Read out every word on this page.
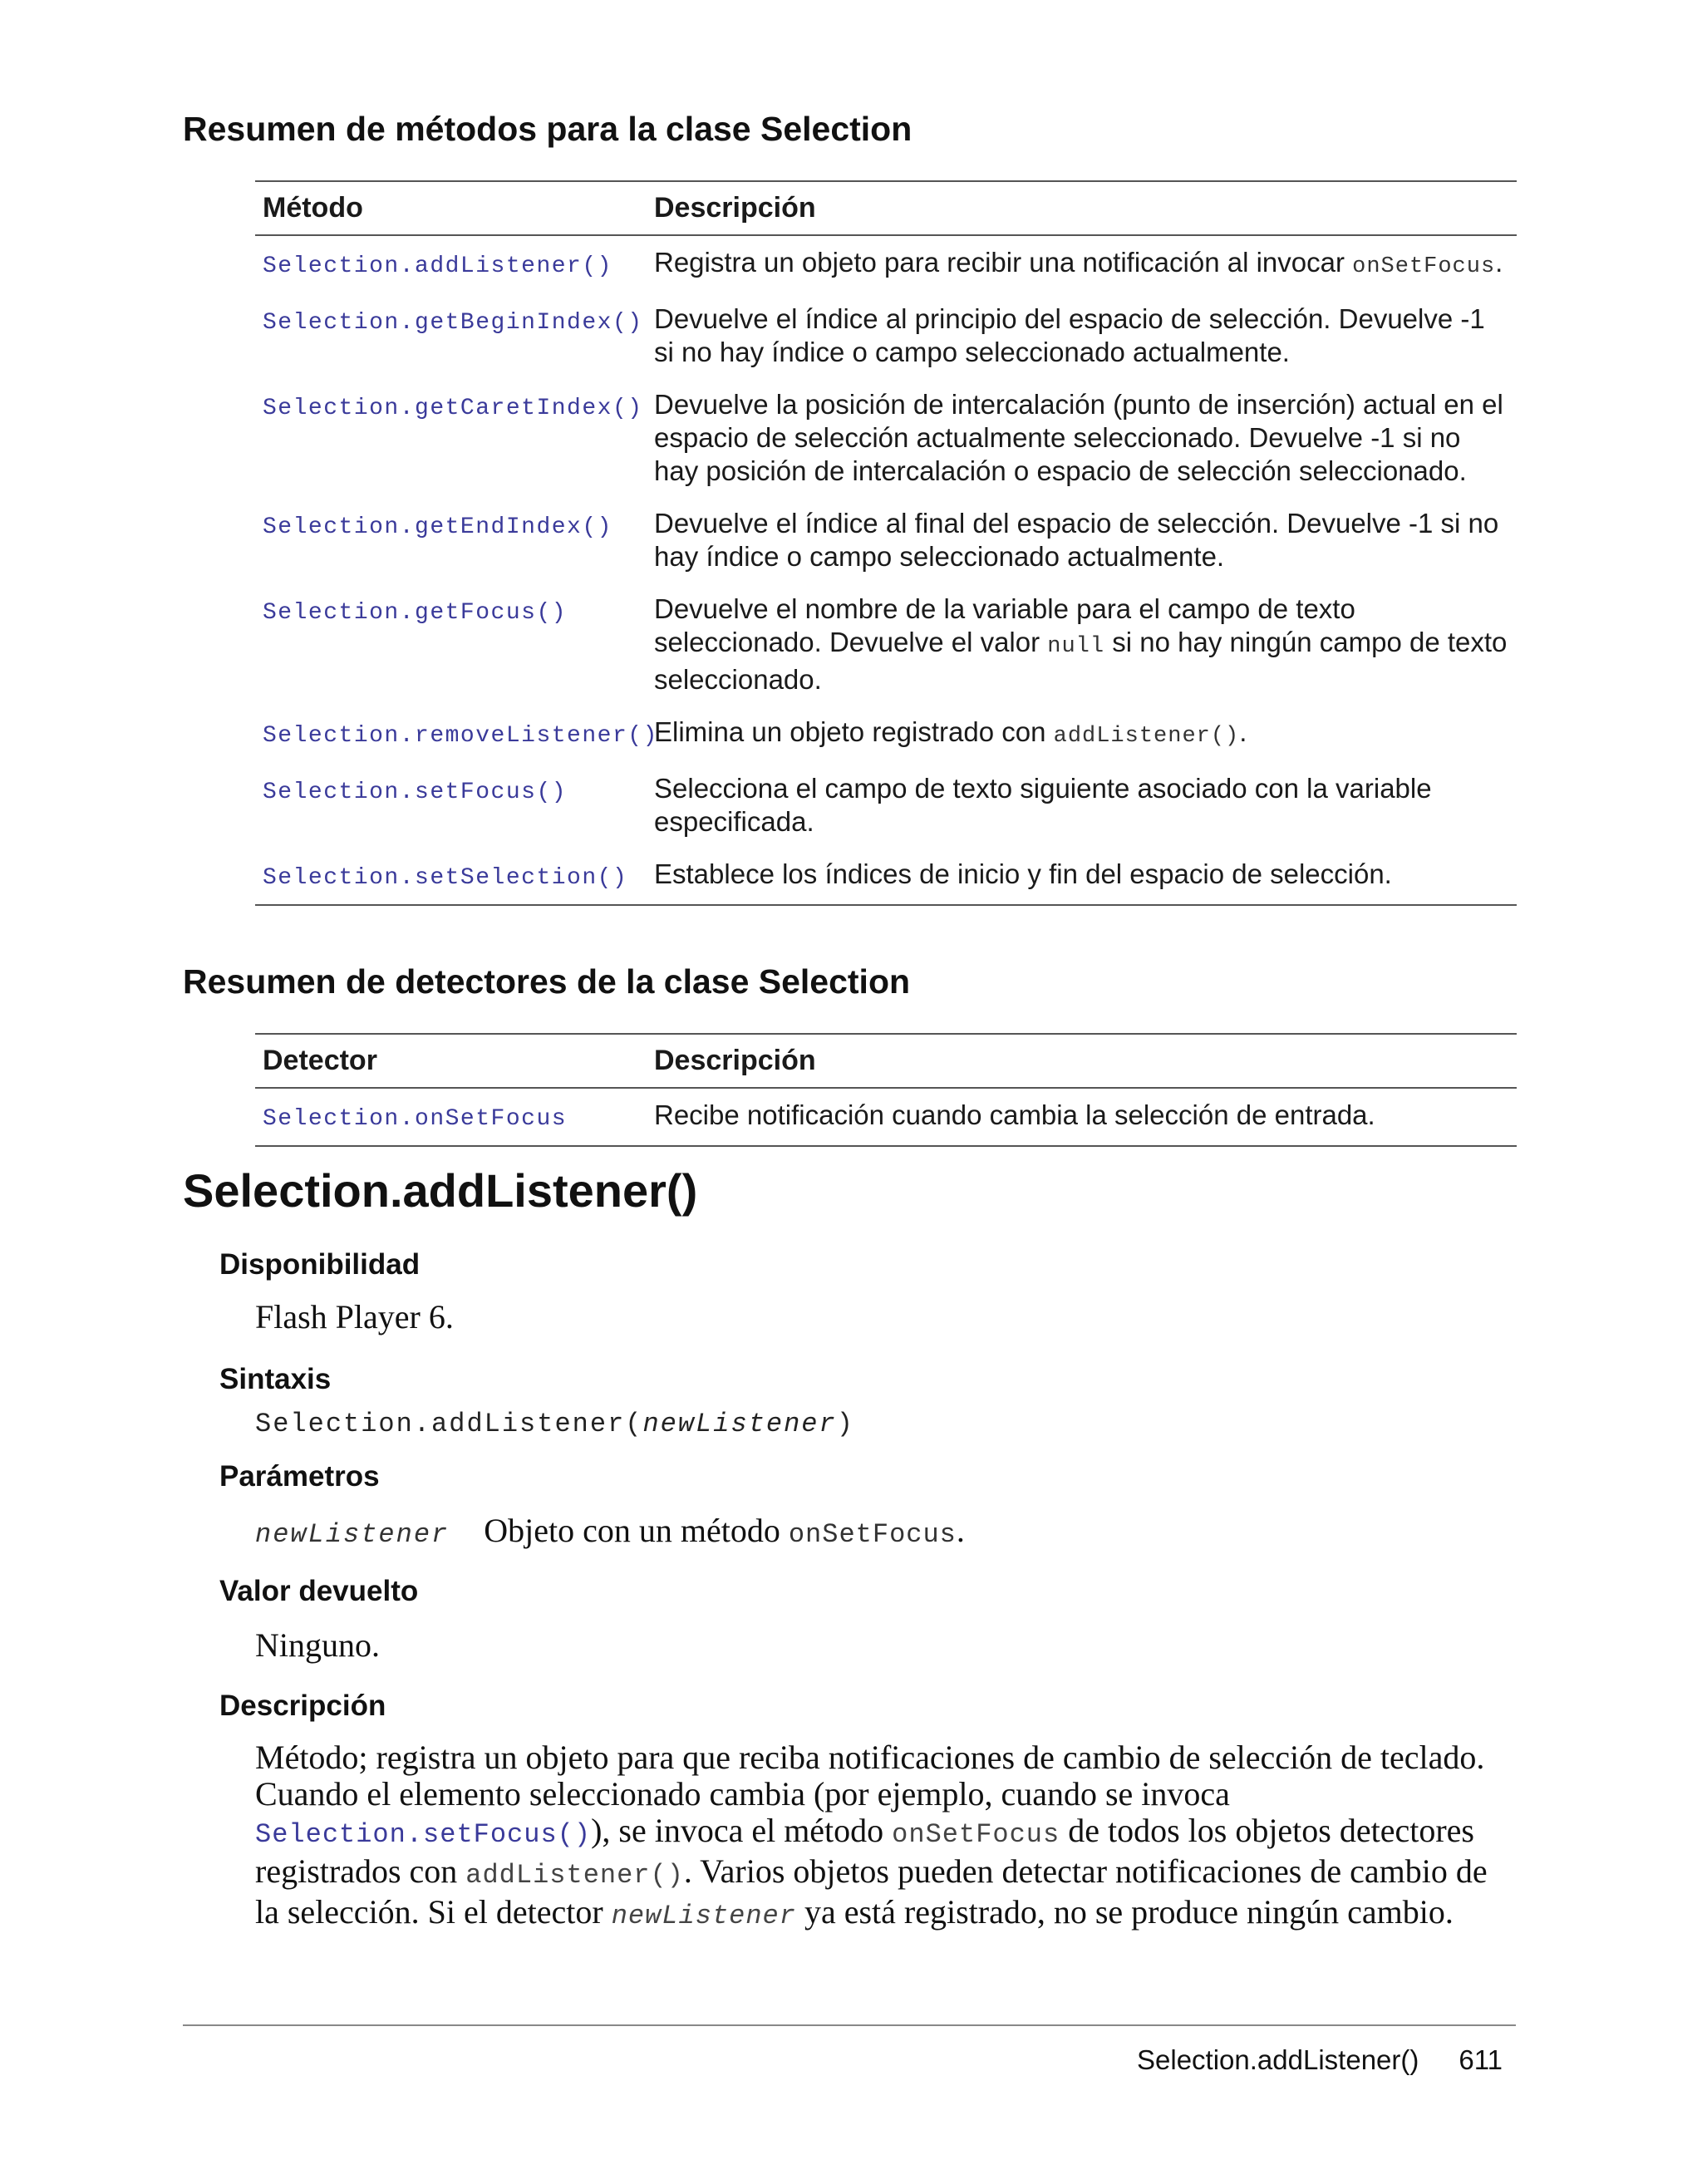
Resumen de métodos para la clase Selection
Método	Descripción
Selection.addListener()	Registra un objeto para recibir una notificación al invocar onSetFocus.
Selection.getBeginIndex()	Devuelve el índice al principio del espacio de selección. Devuelve -1 si no hay índice o campo seleccionado actualmente.
Selection.getCaretIndex()	Devuelve la posición de intercalación (punto de inserción) actual en el espacio de selección actualmente seleccionado. Devuelve -1 si no hay posición de intercalación o espacio de selección seleccionado.
Selection.getEndIndex()	Devuelve el índice al final del espacio de selección. Devuelve -1 si no hay índice o campo seleccionado actualmente.
Selection.getFocus()	Devuelve el nombre de la variable para el campo de texto seleccionado. Devuelve el valor null si no hay ningún campo de texto seleccionado.
Selection.removeListener()	Elimina un objeto registrado con addListener().
Selection.setFocus()	Selecciona el campo de texto siguiente asociado con la variable especificada.
Selection.setSelection()	Establece los índices de inicio y fin del espacio de selección.
Resumen de detectores de la clase Selection
Detector	Descripción
Selection.onSetFocus	Recibe notificación cuando cambia la selección de entrada.
Selection.addListener()
Disponibilidad

Flash Player 6.

Sintaxis

Selection.addListener(newListener)

Parámetros

newListener Objeto con un método onSetFocus.

Valor devuelto

Ninguno.

Descripción

Método; registra un objeto para que reciba notificaciones de cambio de selección de teclado. Cuando el elemento seleccionado cambia (por ejemplo, cuando se invoca Selection.setFocus()), se invoca el método onSetFocus de todos los objetos detectores registrados con addListener(). Varios objetos pueden detectar notificaciones de cambio de la selección. Si el detector newListener ya está registrado, no se produce ningún cambio.

Selection.addListener() 611
